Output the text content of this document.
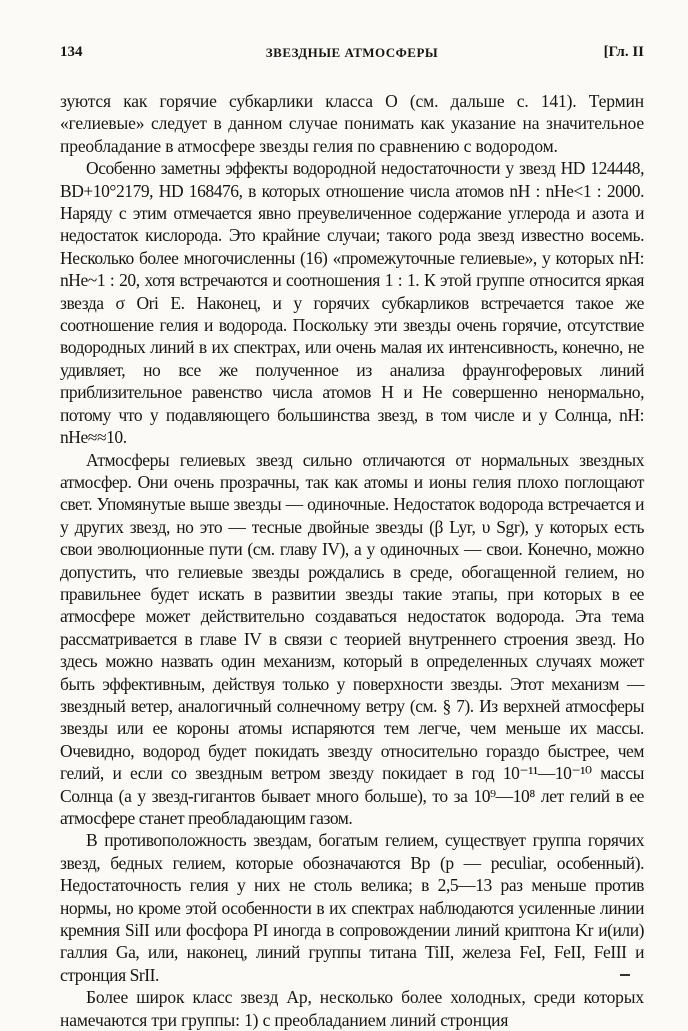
134	ЗВЕЗДНЫЕ АТМОСФЕРЫ	[Гл. II

зуются как горячие субкарлики класса О (см. дальше с. 141). Термин «гелиевые» следует в данном случае понимать как указание на значительное преобладание в атмосфере звезды гелия по сравнению с водородом.

Особенно заметны эффекты водородной недостаточности у звезд HD 124448, BD+10°2179, HD 168476, в которых отношение числа атомов nH : nHe<1 : 2000. Наряду с этим отмечается явно преувеличенное содержание углерода и азота и недостаток кислорода. Это крайние случаи; такого рода звезд известно восемь. Несколько более многочисленны (16) «промежуточные гелиевые», у которых nH: nHe~1 : 20, хотя встречаются и соотношения 1 : 1. К этой группе относится яркая звезда σ Ori E. Наконец, и у горячих субкарликов встречается такое же соотношение гелия и водорода. Поскольку эти звезды очень горячие, отсутствие водородных линий в их спектрах, или очень малая их интенсивность, конечно, не удивляет, но все же полученное из анализа фраунгоферовых линий приблизительное равенство числа атомов H и He совершенно ненормально, потому что у подавляющего большинства звезд, в том числе и у Солнца, nH: nHe≈≈10.

Атмосферы гелиевых звезд сильно отличаются от нормальных звездных атмосфер. Они очень прозрачны, так как атомы и ионы гелия плохо поглощают свет. Упомянутые выше звезды — одиночные. Недостаток водорода встречается и у других звезд, но это — тесные двойные звезды (β Lyr, υ Sgr), у которых есть свои эволюционные пути (см. главу IV), а у одиночных — свои. Конечно, можно допустить, что гелиевые звезды рождались в среде, обогащенной гелием, но правильнее будет искать в развитии звезды такие этапы, при которых в ее атмосфере может действительно создаваться недостаток водорода. Эта тема рассматривается в главе IV в связи с теорией внутреннего строения звезд. Но здесь можно назвать один механизм, который в определенных случаях может быть эффективным, действуя только у поверхности звезды. Этот механизм — звездный ветер, аналогичный солнечному ветру (см. § 7). Из верхней атмосферы звезды или ее короны атомы испаряются тем легче, чем меньше их массы. Очевидно, водород будет покидать звезду относительно гораздо быстрее, чем гелий, и если со звездным ветром звезду покидает в год 10⁻¹¹—10⁻¹⁰ массы Солнца (а у звезд-гигантов бывает много больше), то за 10⁹—10⁸ лет гелий в ее атмосфере станет преобладающим газом.

В противоположность звездам, богатым гелием, существует группа горячих звезд, бедных гелием, которые обозначаются Bp (p — peculiar, особенный). Недостаточность гелия у них не столь велика; в 2,5—13 раз меньше против нормы, но кроме этой особенности в их спектрах наблюдаются усиленные линии кремния SiII или фосфора PI иногда в сопровождении линий криптона Kr и(или) галлия Ga, или, наконец, линий группы титана TiII, железа FeI, FeII, FeIII и стронция SrII.

Более широк класс звезд Ap, несколько более холодных, среди которых намечаются три группы: 1) с преобладанием линий стронция
